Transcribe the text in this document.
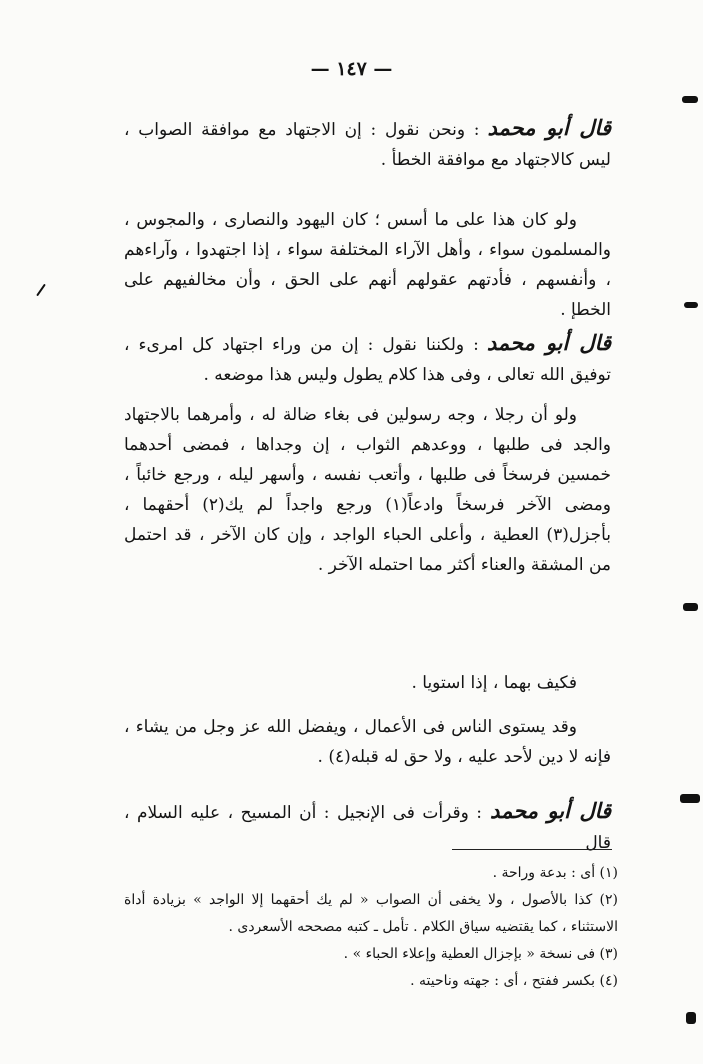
— ١٤٧ —

قال أبو محمد: ونحن نقول : إن الاجتهاد مع موافقة الصواب ، ليس كالاجتهاد مع موافقة الخطأ .

ولو كان هذا على ما أسس ؛ كان اليهود والنصارى ، والمجوس ، والمسلمون سواء ، وأهل الآراء المختلفة سواء ، إذا اجتهدوا ، وآراءهم ، وأنفسهم ، فأدتهم عقولهم أنهم على الحق ، وأن مخالفيهم على الخطإ .

قال أبو محمد: ولكننا نقول : إن من وراء اجتهاد كل امرىء ، توفيق الله تعالى ، وفى هذا كلام يطول وليس هذا موضعه .

ولو أن رجلا ، وجه رسولين فى بغاء ضالة له ، وأمرهما بالاجتهاد والجد فى طلبها ، ووعدهم الثواب ، إن وجداها ، فمضى أحدهما خمسين فرسخاً فى طلبها ، وأتعب نفسه ، وأسهر ليله ، ورجع خائباً ، ومضى الآخر فرسخاً وادعاً(١) ورجع واجداً لم يك(٢) أحقهما ، بأجزل(٣) العطية ، وأعلى الحباء الواجد ، وإن كان الآخر ، قد احتمل من المشقة والعناء أكثر مما احتمله الآخر .

فكيف بهما ، إذا استويا .

وقد يستوى الناس فى الأعمال ، ويفضل الله عز وجل من يشاء ، فإنه لا دين لأحد عليه ، ولا حق له قبله(٤) .

قال أبو محمد: وقرأت فى الإنجيل : أن المسيح ، عليه السلام ، قال

(١) أى : بدعة وراحة .

(٢) كذا بالأصول ، ولا يخفى أن الصواب « لم يك أحقهما إلا الواجد » بزيادة أداة الاستثناء ، كما يقتضيه سياق الكلام . تأمل ـ كتبه مصححه الأسعردى .

(٣) فى نسخة « بإجزال العطية وإعلاء الحباء » .

(٤) بكسر ففتح ، أى : جهته وناحيته .
